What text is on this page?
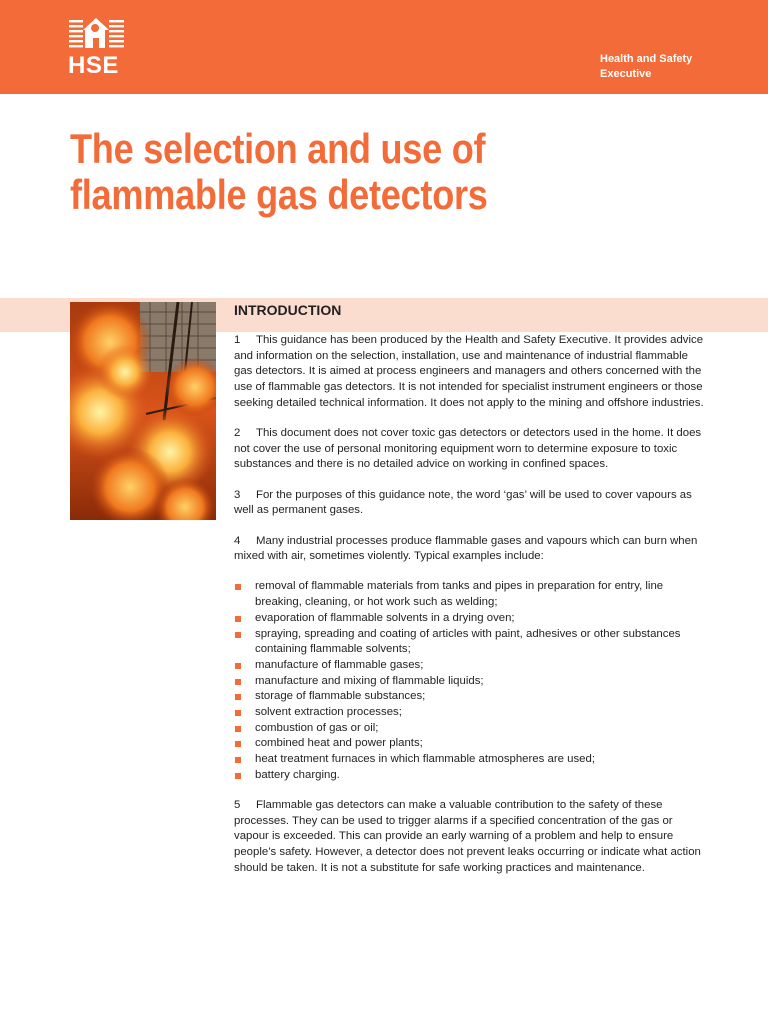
HSE	Health and Safety Executive
The selection and use of flammable gas detectors
INTRODUCTION

1 This guidance has been produced by the Health and Safety Executive. It provides advice and information on the selection, installation, use and maintenance of industrial flammable gas detectors. It is aimed at process engineers and managers and others concerned with the use of flammable gas detectors. It is not intended for specialist instrument engineers or those seeking detailed technical information. It does not apply to the mining and offshore industries.

2 This document does not cover toxic gas detectors or detectors used in the home. It does not cover the use of personal monitoring equipment worn to determine exposure to toxic substances and there is no detailed advice on working in confined spaces.

3 For the purposes of this guidance note, the word ‘gas’ will be used to cover vapours as well as permanent gases.

4 Many industrial processes produce flammable gases and vapours which can burn when mixed with air, sometimes violently. Typical examples include:

removal of flammable materials from tanks and pipes in preparation for entry, line breaking, cleaning, or hot work such as welding;
evaporation of flammable solvents in a drying oven;
spraying, spreading and coating of articles with paint, adhesives or other substances containing flammable solvents;
manufacture of flammable gases;
manufacture and mixing of flammable liquids;
storage of flammable substances;
solvent extraction processes;
combustion of gas or oil;
combined heat and power plants;
heat treatment furnaces in which flammable atmospheres are used;
battery charging.

5 Flammable gas detectors can make a valuable contribution to the safety of these processes. They can be used to trigger alarms if a specified concentration of the gas or vapour is exceeded. This can provide an early warning of a problem and help to ensure people’s safety. However, a detector does not prevent leaks occurring or indicate what action should be taken. It is not a substitute for safe working practices and maintenance.
